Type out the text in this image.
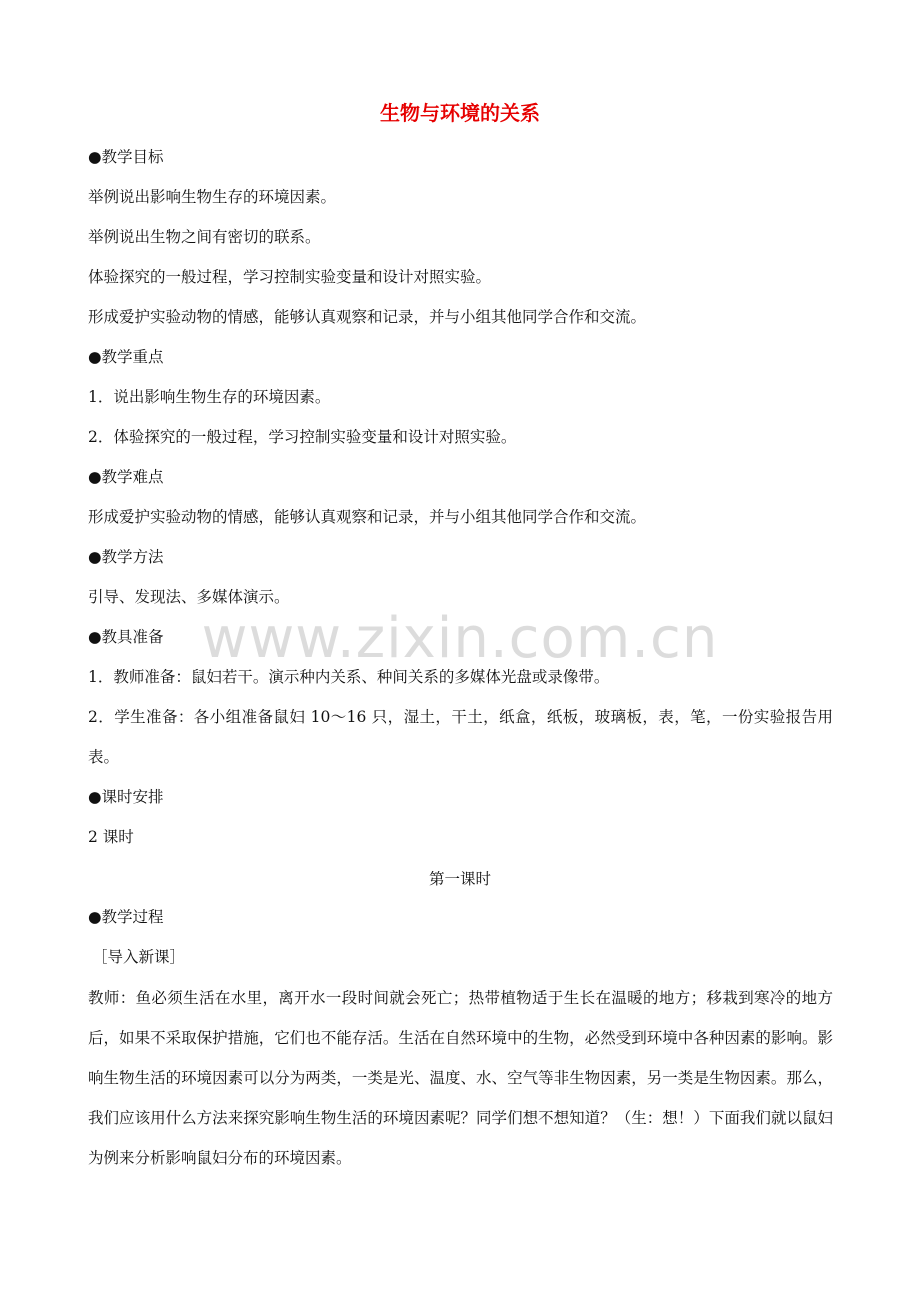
生物与环境的关系
●教学目标
举例说出影响生物生存的环境因素。
举例说出生物之间有密切的联系。
体验探究的一般过程，学习控制实验变量和设计对照实验。
形成爱护实验动物的情感，能够认真观察和记录，并与小组其他同学合作和交流。
●教学重点
1．说出影响生物生存的环境因素。
2．体验探究的一般过程，学习控制实验变量和设计对照实验。
●教学难点
形成爱护实验动物的情感，能够认真观察和记录，并与小组其他同学合作和交流。
●教学方法
引导、发现法、多媒体演示。
●教具准备
1．教师准备：鼠妇若干。演示种内关系、种间关系的多媒体光盘或录像带。
2．学生准备：各小组准备鼠妇 10～16 只，湿土，干土，纸盒，纸板，玻璃板，表，笔，一份实验报告用表。
●课时安排
2 课时
第一课时
●教学过程
［导入新课］
教师：鱼必须生活在水里，离开水一段时间就会死亡；热带植物适于生长在温暖的地方；移栽到寒冷的地方后，如果不采取保护措施，它们也不能存活。生活在自然环境中的生物，必然受到环境中各种因素的影响。影响生物生活的环境因素可以分为两类，一类是光、温度、水、空气等非生物因素，另一类是生物因素。那么，我们应该用什么方法来探究影响生物生活的环境因素呢？同学们想不想知道？（生：想！）下面我们就以鼠妇为例来分析影响鼠妇分布的环境因素。
www.zixin.com.cn
